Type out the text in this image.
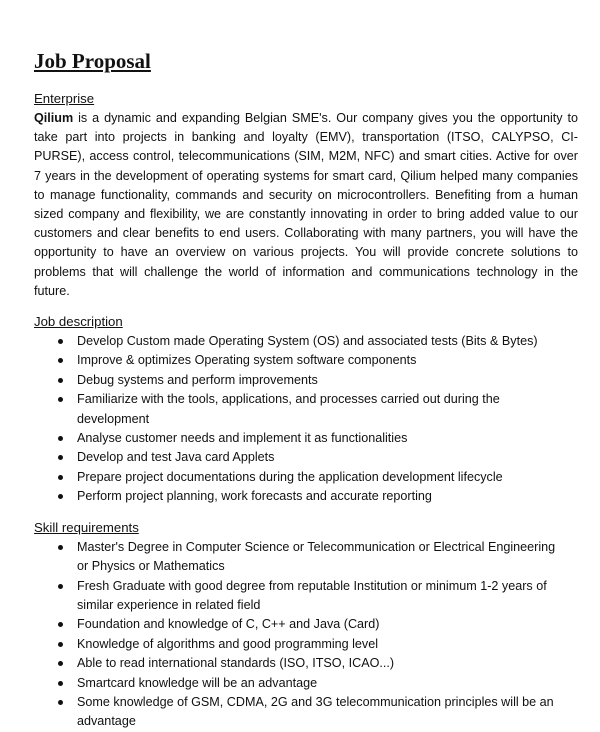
Job Proposal
Enterprise

Qilium is a dynamic and expanding Belgian SME's. Our company gives you the opportunity to take part into projects in banking and loyalty (EMV), transportation (ITSO, CALYPSO, CI-PURSE), access control, telecommunications (SIM, M2M, NFC) and smart cities. Active for over 7 years in the development of operating systems for smart card, Qilium helped many companies to manage functionality, commands and security on microcontrollers. Benefiting from a human sized company and flexibility, we are constantly innovating in order to bring added value to our customers and clear benefits to end users. Collaborating with many partners, you will have the opportunity to have an overview on various projects. You will provide concrete solutions to problems that will challenge the world of information and communications technology in the future.

Job description
Develop Custom made Operating System (OS) and associated tests (Bits & Bytes)
Improve & optimizes Operating system software components
Debug systems and perform improvements
Familiarize with the tools, applications, and processes carried out during the development
Analyse customer needs and implement it as functionalities
Develop and test Java card Applets
Prepare project documentations during the application development lifecycle
Perform project planning, work forecasts and accurate reporting
Skill requirements
Master's Degree in Computer Science or Telecommunication or Electrical Engineering or Physics or Mathematics
Fresh Graduate with good degree from reputable Institution or minimum 1-2 years of similar experience in related field
Foundation and knowledge of C, C++ and Java (Card)
Knowledge of algorithms and good programming level
Able to read international standards (ISO, ITSO, ICAO...)
Smartcard knowledge will be an advantage
Some knowledge of GSM, CDMA, 2G and 3G telecommunication principles will be an advantage
